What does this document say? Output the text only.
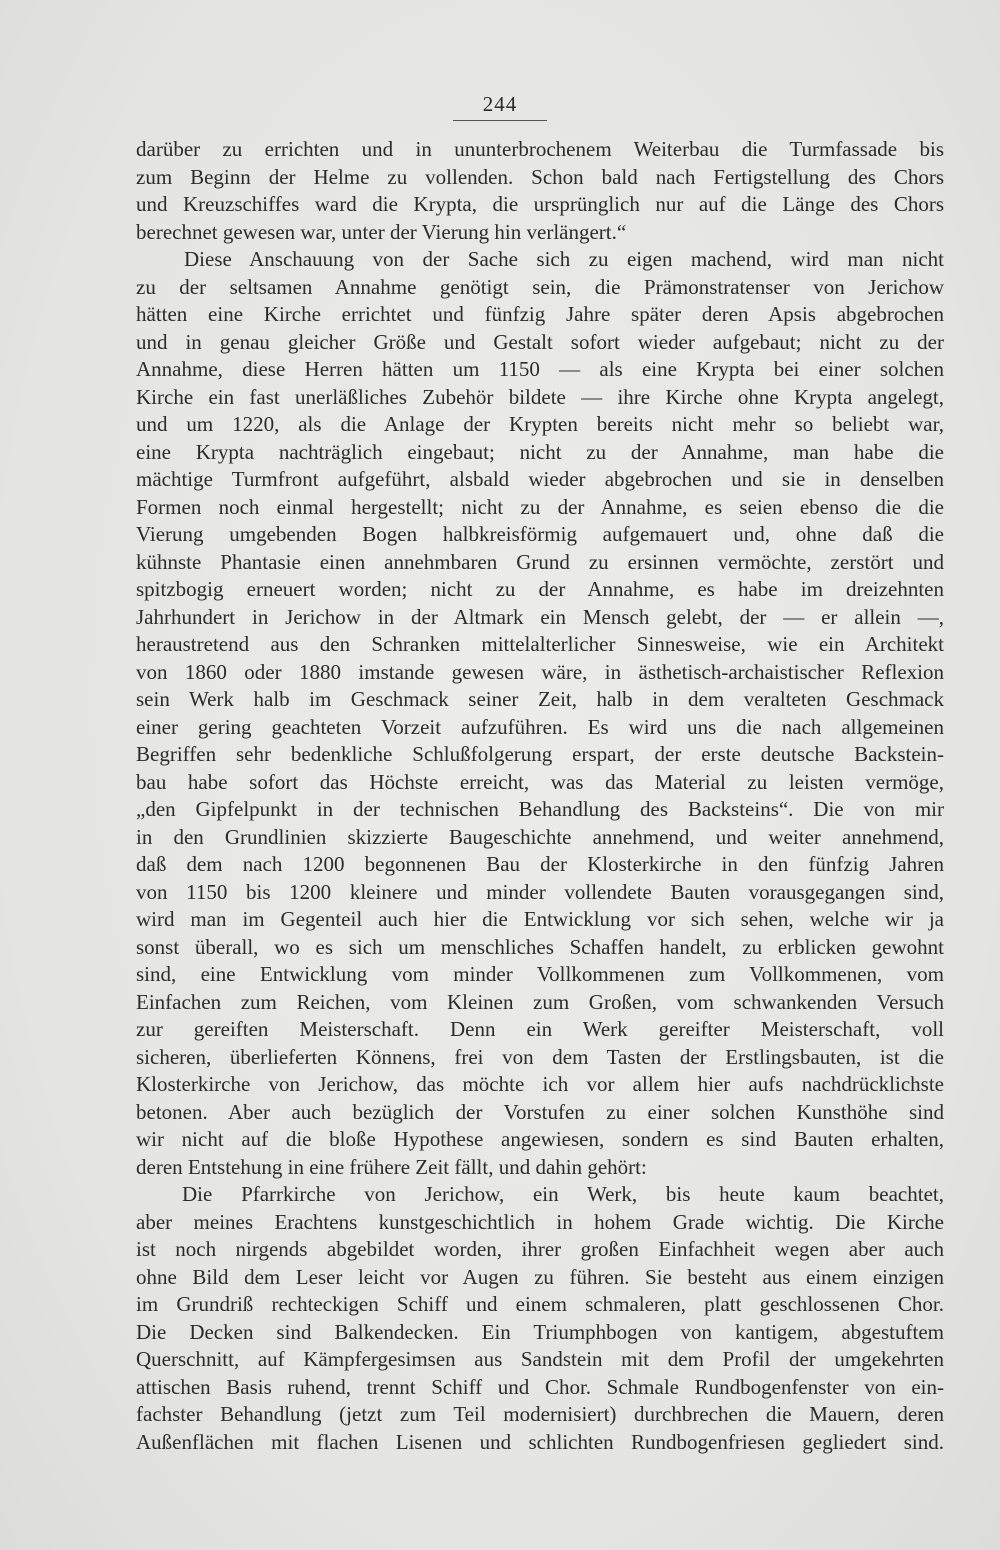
244
darüber zu errichten und in ununterbrochenem Weiterbau die Turmfassade bis
zum Beginn der Helme zu vollenden. Schon bald nach Fertigstellung des Chors
und Kreuzschiffes ward die Krypta, die ursprünglich nur auf die Länge des Chors
berechnet gewesen war, unter der Vierung hin verlängert.“
Diese Anschauung von der Sache sich zu eigen machend, wird man nicht
zu der seltsamen Annahme genötigt sein, die Prämonstratenser von Jerichow
hätten eine Kirche errichtet und fünfzig Jahre später deren Apsis abgebrochen
und in genau gleicher Größe und Gestalt sofort wieder aufgebaut; nicht zu der
Annahme, diese Herren hätten um 1150 — als eine Krypta bei einer solchen
Kirche ein fast unerläßliches Zubehör bildete — ihre Kirche ohne Krypta angelegt,
und um 1220, als die Anlage der Krypten bereits nicht mehr so beliebt war,
eine Krypta nachträglich eingebaut; nicht zu der Annahme, man habe die
mächtige Turmfront aufgeführt, alsbald wieder abgebrochen und sie in denselben
Formen noch einmal hergestellt; nicht zu der Annahme, es seien ebenso die die
Vierung umgebenden Bogen halbkreisförmig aufgemauert und, ohne daß die
kühnste Phantasie einen annehmbaren Grund zu ersinnen vermöchte, zerstört und
spitzbogig erneuert worden; nicht zu der Annahme, es habe im dreizehnten
Jahrhundert in Jerichow in der Altmark ein Mensch gelebt, der — er allein —,
heraustretend aus den Schranken mittelalterlicher Sinnesweise, wie ein Architekt
von 1860 oder 1880 imstande gewesen wäre, in ästhetisch-archaistischer Reflexion
sein Werk halb im Geschmack seiner Zeit, halb in dem veralteten Geschmack
einer gering geachteten Vorzeit aufzuführen. Es wird uns die nach allgemeinen
Begriffen sehr bedenkliche Schlußfolgerung erspart, der erste deutsche Backstein-
bau habe sofort das Höchste erreicht, was das Material zu leisten vermöge,
„den Gipfelpunkt in der technischen Behandlung des Backsteins“. Die von mir
in den Grundlinien skizzierte Baugeschichte annehmend, und weiter annehmend,
daß dem nach 1200 begonnenen Bau der Klosterkirche in den fünfzig Jahren
von 1150 bis 1200 kleinere und minder vollendete Bauten vorausgegangen sind,
wird man im Gegenteil auch hier die Entwicklung vor sich sehen, welche wir ja
sonst überall, wo es sich um menschliches Schaffen handelt, zu erblicken gewohnt
sind, eine Entwicklung vom minder Vollkommenen zum Vollkommenen, vom
Einfachen zum Reichen, vom Kleinen zum Großen, vom schwankenden Versuch
zur gereiften Meisterschaft. Denn ein Werk gereifter Meisterschaft, voll
sicheren, überlieferten Könnens, frei von dem Tasten der Erstlingsbauten, ist die
Klosterkirche von Jerichow, das möchte ich vor allem hier aufs nachdrücklichste
betonen. Aber auch bezüglich der Vorstufen zu einer solchen Kunsthöhe sind
wir nicht auf die bloße Hypothese angewiesen, sondern es sind Bauten erhalten,
deren Entstehung in eine frühere Zeit fällt, und dahin gehört:
Die Pfarrkirche von Jerichow, ein Werk, bis heute kaum beachtet,
aber meines Erachtens kunstgeschichtlich in hohem Grade wichtig. Die Kirche
ist noch nirgends abgebildet worden, ihrer großen Einfachheit wegen aber auch
ohne Bild dem Leser leicht vor Augen zu führen. Sie besteht aus einem einzigen
im Grundriß rechteckigen Schiff und einem schmaleren, platt geschlossenen Chor.
Die Decken sind Balkendecken. Ein Triumphbogen von kantigem, abgestuftem
Querschnitt, auf Kämpfergesimsen aus Sandstein mit dem Profil der umgekehrten
attischen Basis ruhend, trennt Schiff und Chor. Schmale Rundbogenfenster von ein-
fachster Behandlung (jetzt zum Teil modernisiert) durchbrechen die Mauern, deren
Außenflächen mit flachen Lisenen und schlichten Rundbogenfriesen gegliedert sind.
